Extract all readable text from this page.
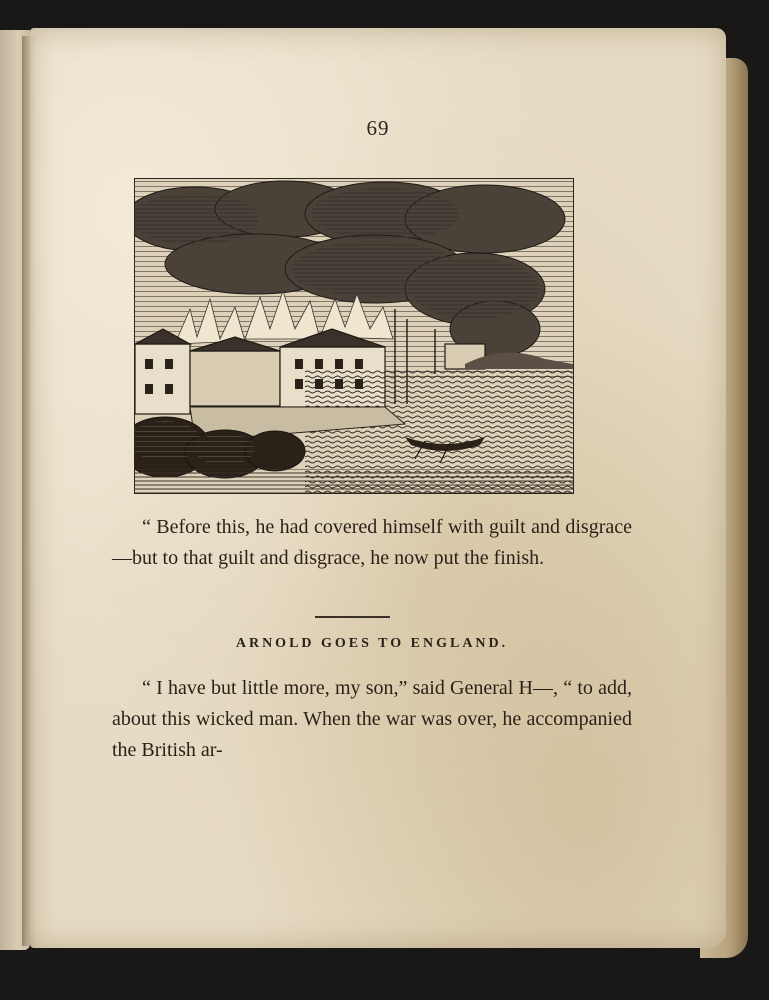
69
“ Before this, he had covered himself with guilt and disgrace—but to that guilt and disgrace, he now put the finish.
ARNOLD GOES TO ENGLAND.
“ I have but little more, my son,” said General H—, “ to add, about this wicked man. When the war was over, he accompanied the British ar-
